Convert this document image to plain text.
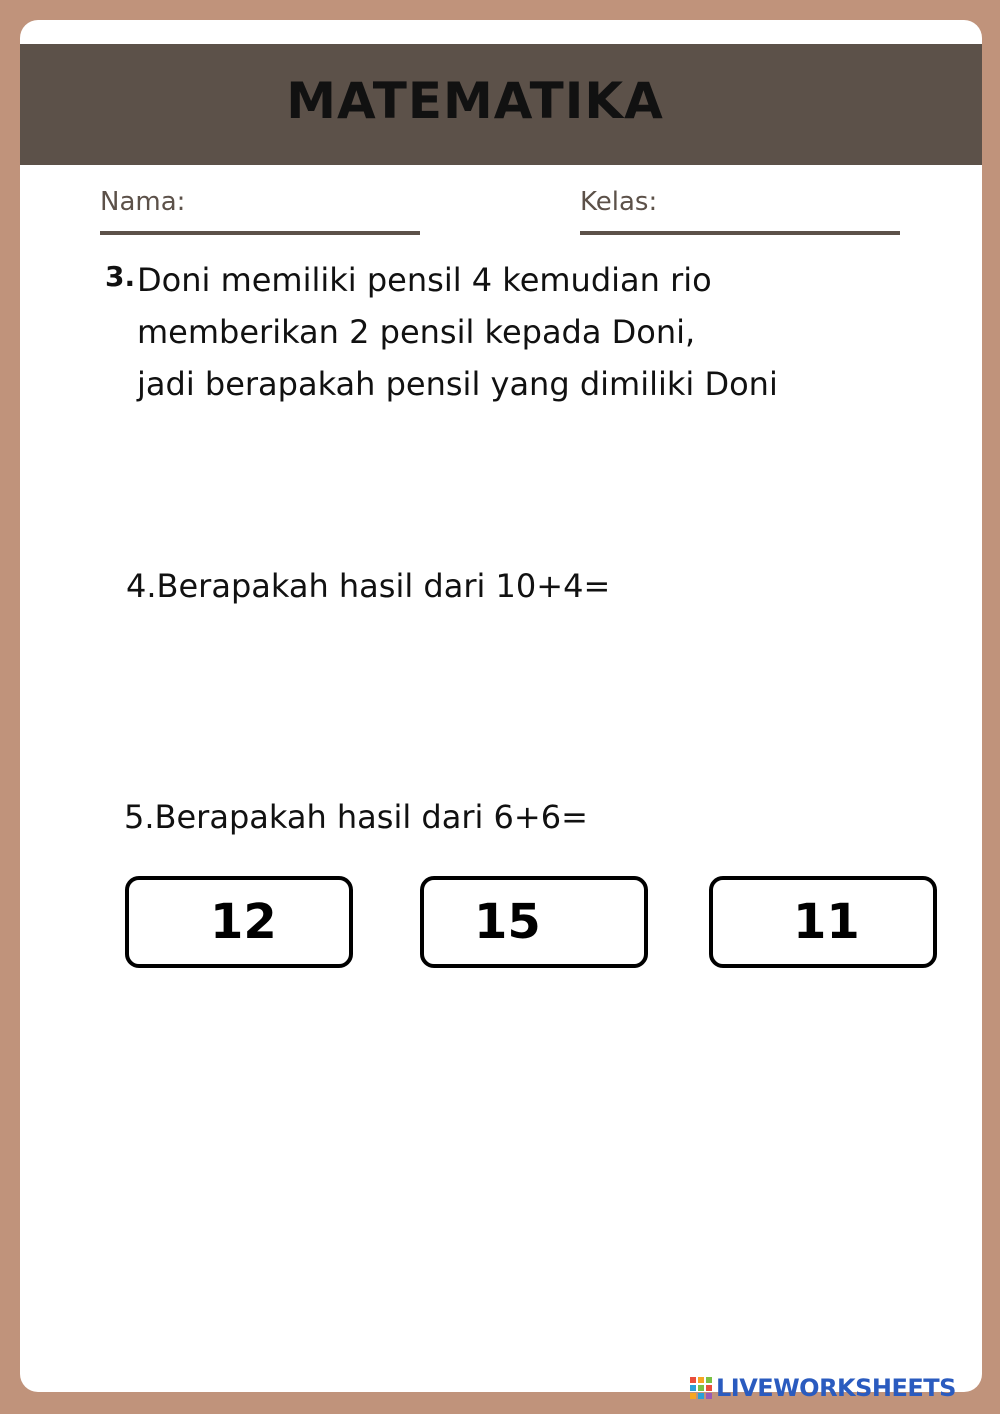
MATEMATIKA
Nama:	Kelas:
3. Doni memiliki pensil 4 kemudian rio
memberikan 2 pensil kepada Doni,
jadi berapakah pensil yang dimiliki Doni
4.Berapakah hasil dari 10+4=
5.Berapakah hasil dari 6+6=
12	15	11
LIVEWORKSHEETS
